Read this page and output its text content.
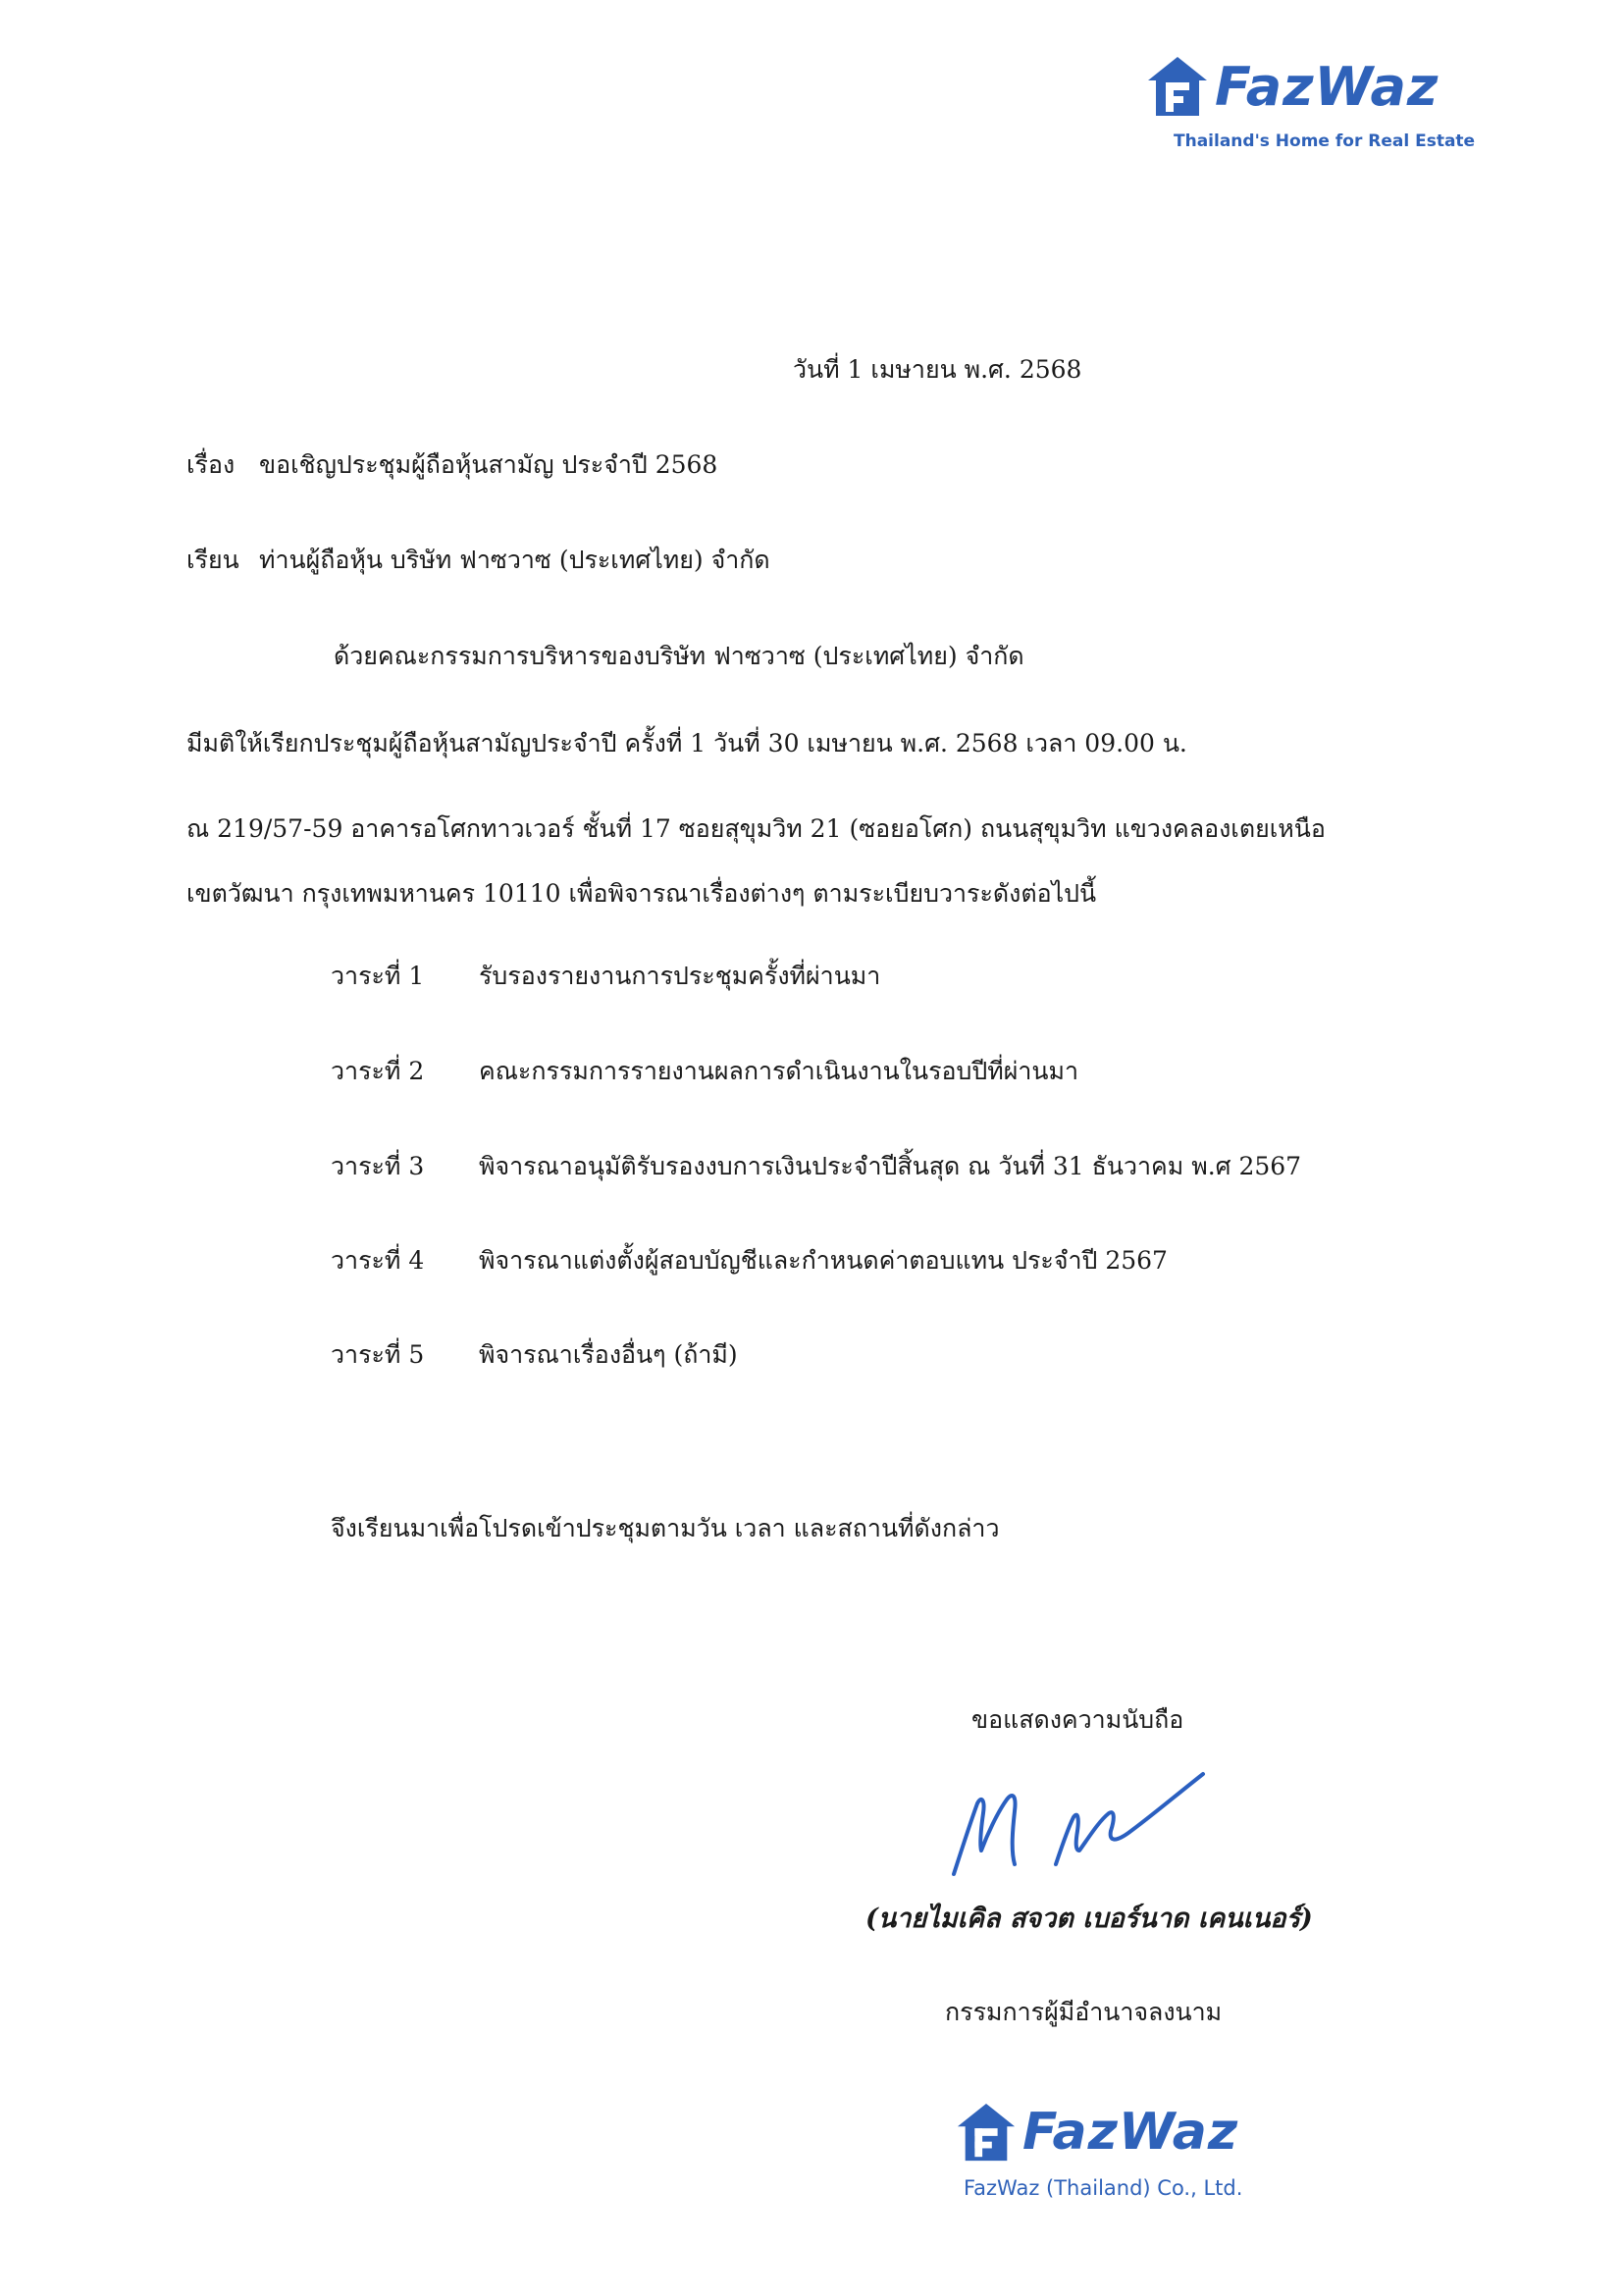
FazWaz
Thailand's Home for Real Estate
วันที่ 1 เมษายน พ.ศ. 2568
เรื่อง ขอเชิญประชุมผู้ถือหุ้นสามัญ ประจำปี 2568
เรียน ท่านผู้ถือหุ้น บริษัท ฟาซวาซ (ประเทศไทย) จำกัด
ด้วยคณะกรรมการบริหารของบริษัท ฟาซวาซ (ประเทศไทย) จำกัด
มีมติให้เรียกประชุมผู้ถือหุ้นสามัญประจำปี ครั้งที่ 1 วันที่ 30 เมษายน พ.ศ. 2568 เวลา 09.00 น.
ณ 219/57-59 อาคารอโศกทาวเวอร์ ชั้นที่ 17 ซอยสุขุมวิท 21 (ซอยอโศก) ถนนสุขุมวิท แขวงคลองเตยเหนือ
เขตวัฒนา กรุงเทพมหานคร 10110 เพื่อพิจารณาเรื่องต่างๆ ตามระเบียบวาระดังต่อไปนี้
วาระที่ 1 รับรองรายงานการประชุมครั้งที่ผ่านมา
วาระที่ 2 คณะกรรมการรายงานผลการดำเนินงานในรอบปีที่ผ่านมา
วาระที่ 3 พิจารณาอนุมัติรับรองงบการเงินประจำปีสิ้นสุด ณ วันที่ 31 ธันวาคม พ.ศ 2567
วาระที่ 4 พิจารณาแต่งตั้งผู้สอบบัญชีและกำหนดค่าตอบแทน ประจำปี 2567
วาระที่ 5 พิจารณาเรื่องอื่นๆ (ถ้ามี)
จึงเรียนมาเพื่อโปรดเข้าประชุมตามวัน เวลา และสถานที่ดังกล่าว
ขอแสดงความนับถือ
(นายไมเคิล สจวต เบอร์นาด เคนเนอร์)
กรรมการผู้มีอำนาจลงนาม
FazWaz
FazWaz (Thailand) Co., Ltd.
